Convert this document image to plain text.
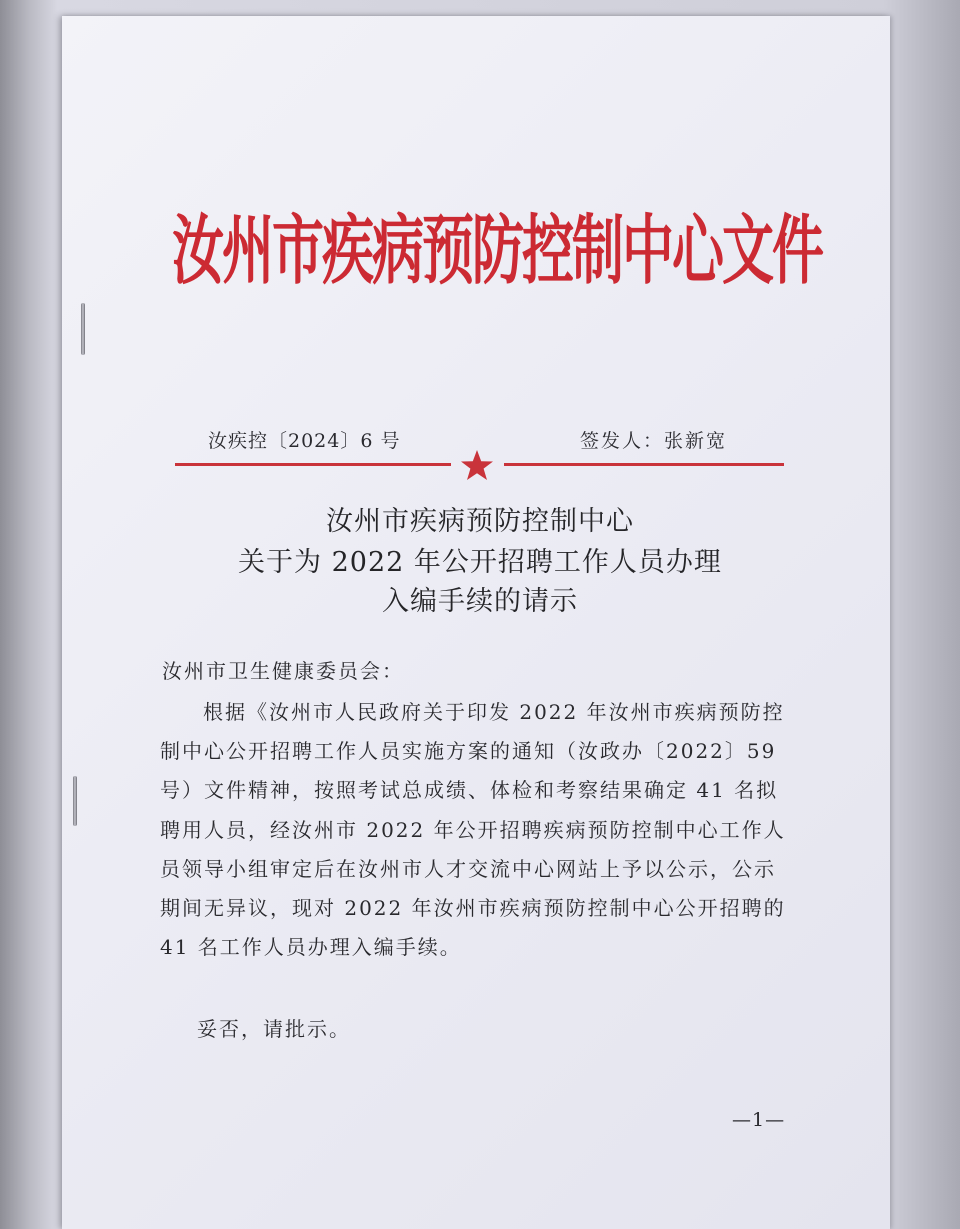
汝州市疾病预防控制中心文件
汝疾控〔2024〕6 号	签发人：张新宽
汝州市疾病预防控制中心
关于为 2022 年公开招聘工作人员办理
入编手续的请示
汝州市卫生健康委员会：
根据《汝州市人民政府关于印发 2022 年汝州市疾病预防控
制中心公开招聘工作人员实施方案的通知（汝政办〔2022〕59
号）文件精神，按照考试总成绩、体检和考察结果确定 41 名拟
聘用人员，经汝州市 2022 年公开招聘疾病预防控制中心工作人
员领导小组审定后在汝州市人才交流中心网站上予以公示，公示
期间无异议，现对 2022 年汝州市疾病预防控制中心公开招聘的
41 名工作人员办理入编手续。
妥否，请批示。
—1—
